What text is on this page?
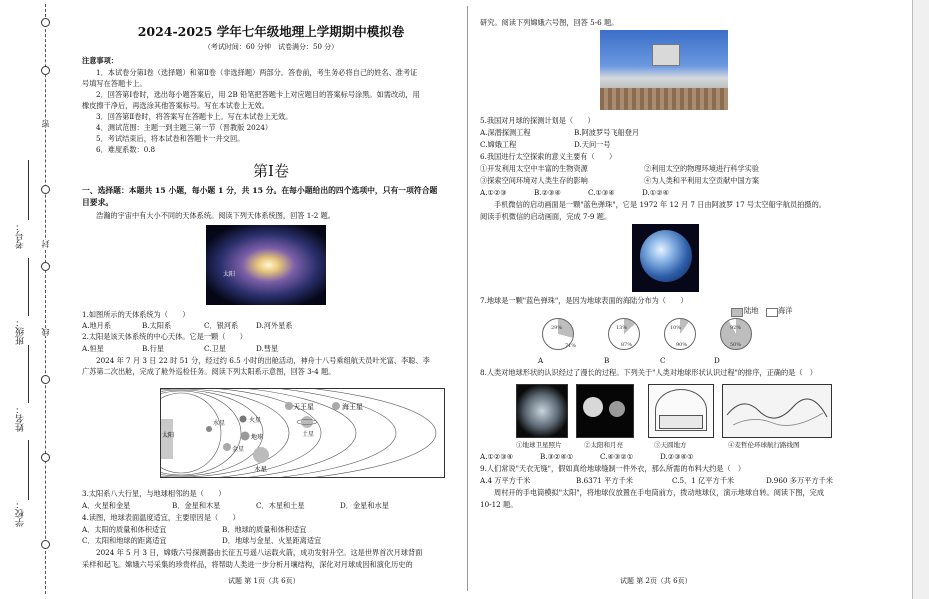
学校：
姓名：
班级：
考号：
密
封
线
2024-2025 学年七年级地理上学期期中模拟卷
（考试时间：60 分钟　试卷满分：50 分）
注意事项：
1．本试卷分第Ⅰ卷（选择题）和第Ⅱ卷（非选择题）两部分。答卷前，考生务必将自己的姓名、准考证
号填写在答题卡上。
2．回答第Ⅰ卷时，选出每小题答案后，用 2B 铅笔把答题卡上对应题目的答案标号涂黑。如需改动，用
橡皮擦干净后，再选涂其他答案标号。写在本试卷上无效。
3．回答第Ⅱ卷时，将答案写在答题卡上。写在本试卷上无效。
4．测试范围：主题一到主题三第一节（晋教版 2024）
5．考试结束后，将本试卷和答题卡一并交回。
6．难度系数：0.8
第Ⅰ卷
一、选择题：本题共 15 小题，每小题 1 分，共 15 分。在每小题给出的四个选项中，只有一项符合题
目要求。
浩瀚的宇宙中有大小不同的天体系统。阅读下列天体系统图，回答 1-2 题。
太阳
1.如图所示的天体系统为（　　）
A.地月系	B.太阳系	C．银河系 D.河外星系
2.太阳是该天体系统的中心天体。它是一颗（　　）
A.恒星	B.行星	C.卫星	D.彗星
2024 年 7 月 3 日 22 时 51 分，经过约 6.5 小时的出舱活动，神舟十八号乘组航天员叶光富、李聪、李
广苏第二次出舱，完成了舱外巡检任务。阅读下列太阳系示意图，回答 3-4 题。
天王星	海王星
土星
木星
火星
地球
金星
水星
太阳
3.太阳系八大行星，与地球相邻的是（　　）
A．火星和金星	B．金星和木星	C．木星和土星	D．金星和水星
4.读图，地球表面温度适宜，主要原因是（　　）
A．太阳的质量和体积适宜	B．地球的质量和体积适宜
C．太阳和地球的距离适宜	D．地球与金星、火星距离适宜
2024 年 5 月 3 日，嫦娥六号探测器由长征五号遥八运载火箭，成功发射升空。这是世界首次月球背面
采样和起飞。嫦娥六号采集的珍贵样品，将帮助人类进一步分析月壤结构，深化对月球成因和演化历史的
试题 第 1页（共 6页）
研究。阅读下列嫦娥六号图，回答 5-6 题。
5.我国对月球的探测计划是（　　）
A.深潜探测工程	B.阿波罗号飞船登月
C.嫦娥工程	D.天问一号
6.我国进行太空探索的意义主要有（　　）
①开发利用太空中丰富的生物资源	②利用太空的物理环境进行科学实验
③探索空间环境对人类生存的影响	④为人类和平利用太空贡献中国方案
A.①②③	B.②③④	C.①③④	D.①②④
手机微信的启动画面是一颗"蓝色弹珠"，它是 1972 年 12 月 7 日由阿波罗 17 号太空船宇航员拍摄的。
阅读手机微信的启动画面，完成 7-9 题。
7.地球是一颗"蓝色弹珠"，是因为地球表面的海陆分布为（　　）
陆地	海洋
29%
71%
13%
87%
10%
90%
92%
50%
A	B	C	D
8.人类对地球形状的认识经过了漫长的过程。下列关于"人类对地球形状认识过程"的排序，正确的是（　）
①地球卫星照片	②太阳和月亮	③天圆地方	④麦哲伦环球航行路线图
A.①②③④	B.③②④①	C.④③②①	D.②③④①
9.人们常说"天衣无缝"，假如真给地球缝制一件外衣，那么所需的布料大约是（　）
A.4 万平方千米	B.6371 平方千米	C.5．1 亿平方千米	D.960 多万平方千米
周村开的手电筒模拟"太阳"，将地球仪放置在手电筒前方，拨动地球仪，演示地球自转。阅读下图，完成
10-12 题。
试题 第 2页（共 6页）
